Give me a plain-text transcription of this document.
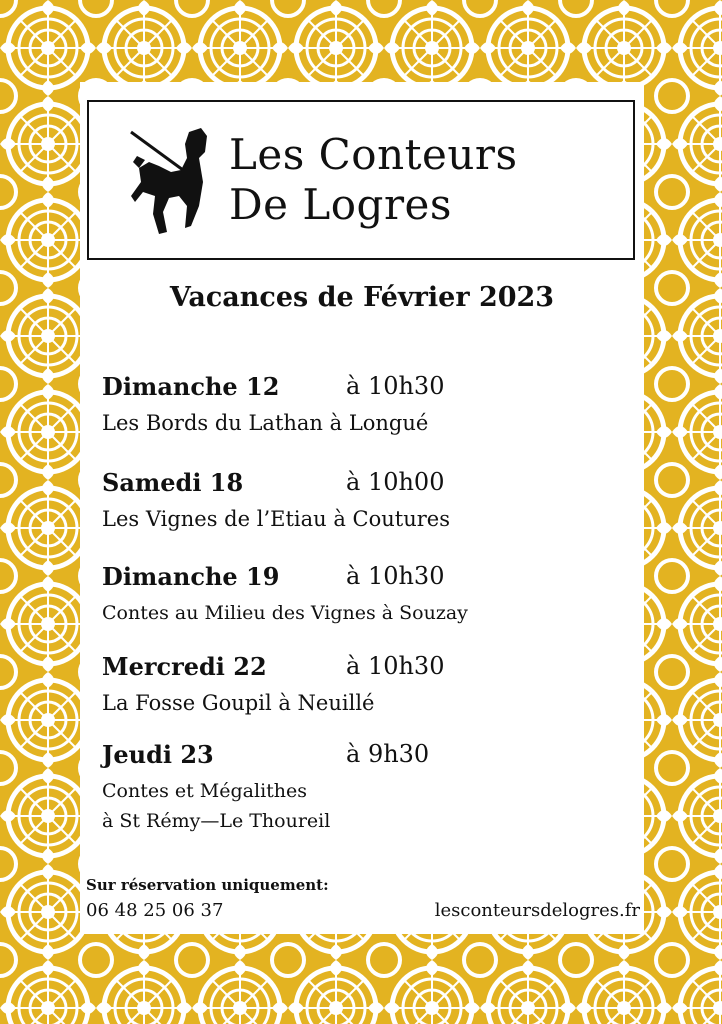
Les Conteurs
De Logres
Vacances de Février 2023
Dimanche 12	à 10h30
Les Bords du Lathan à Longué
Samedi 18	à 10h00
Les Vignes de l’Etiau à Coutures
Dimanche 19	à 10h30
Contes au Milieu des Vignes à Souzay
Mercredi 22	à 10h30
La Fosse Goupil à Neuillé
Jeudi 23	à 9h30
Contes et Mégalithes
à St Rémy—Le Thoureil
Sur réservation uniquement:
06 48 25 06 37	lesconteursdelogres.fr
